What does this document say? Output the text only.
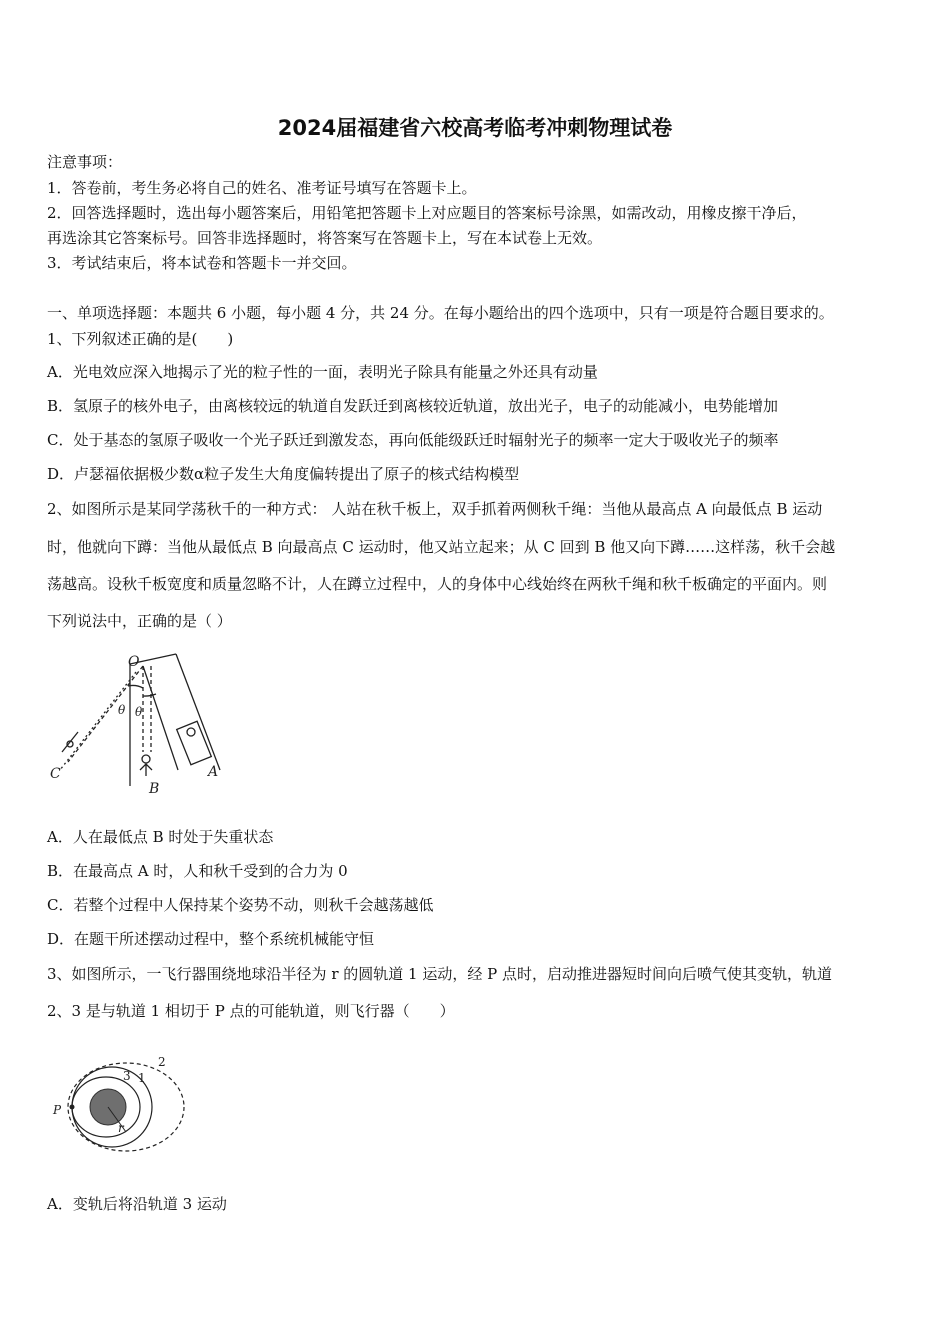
2024届福建省六校高考临考冲刺物理试卷
注意事项：
1．答卷前，考生务必将自己的姓名、准考证号填写在答题卡上。
2．回答选择题时，选出每小题答案后，用铅笔把答题卡上对应题目的答案标号涂黑，如需改动，用橡皮擦干净后，
再选涂其它答案标号。回答非选择题时，将答案写在答题卡上，写在本试卷上无效。
3．考试结束后，将本试卷和答题卡一并交回。
一、单项选择题：本题共 6 小题，每小题 4 分，共 24 分。在每小题给出的四个选项中，只有一项是符合题目要求的。
1、下列叙述正确的是(　　)
A．光电效应深入地揭示了光的粒子性的一面，表明光子除具有能量之外还具有动量
B．氢原子的核外电子，由离核较远的轨道自发跃迁到离核较近轨道，放出光子，电子的动能减小，电势能增加
C．处于基态的氢原子吸收一个光子跃迁到激发态，再向低能级跃迁时辐射光子的频率一定大于吸收光子的频率
D．卢瑟福依据极少数α粒子发生大角度偏转提出了原子的核式结构模型
2、如图所示是某同学荡秋千的一种方式： 人站在秋千板上，双手抓着两侧秋千绳：当他从最高点 A 向最低点 B 运动
时，他就向下蹲：当他从最低点 B 向最高点 C 运动时，他又站立起来；从 C 回到 B 他又向下蹲……这样荡，秋千会越
荡越高。设秋千板宽度和质量忽略不计，人在蹲立过程中，人的身体中心线始终在两秋千绳和秋千板确定的平面内。则
下列说法中，正确的是（ ）
O
A
B
C
θ θ
A．人在最低点 B 时处于失重状态
B．在最高点 A 时，人和秋千受到的合力为 0
C．若整个过程中人保持某个姿势不动，则秋千会越荡越低
D．在题干所述摆动过程中，整个系统机械能守恒
3、如图所示，一飞行器围绕地球沿半径为 r 的圆轨道 1 运动，经 P 点时，启动推进器短时间向后喷气使其变轨，轨道
2、3 是与轨道 1 相切于 P 点的可能轨道，则飞行器（　　）
P
r
1
2
3
A．变轨后将沿轨道 3 运动
